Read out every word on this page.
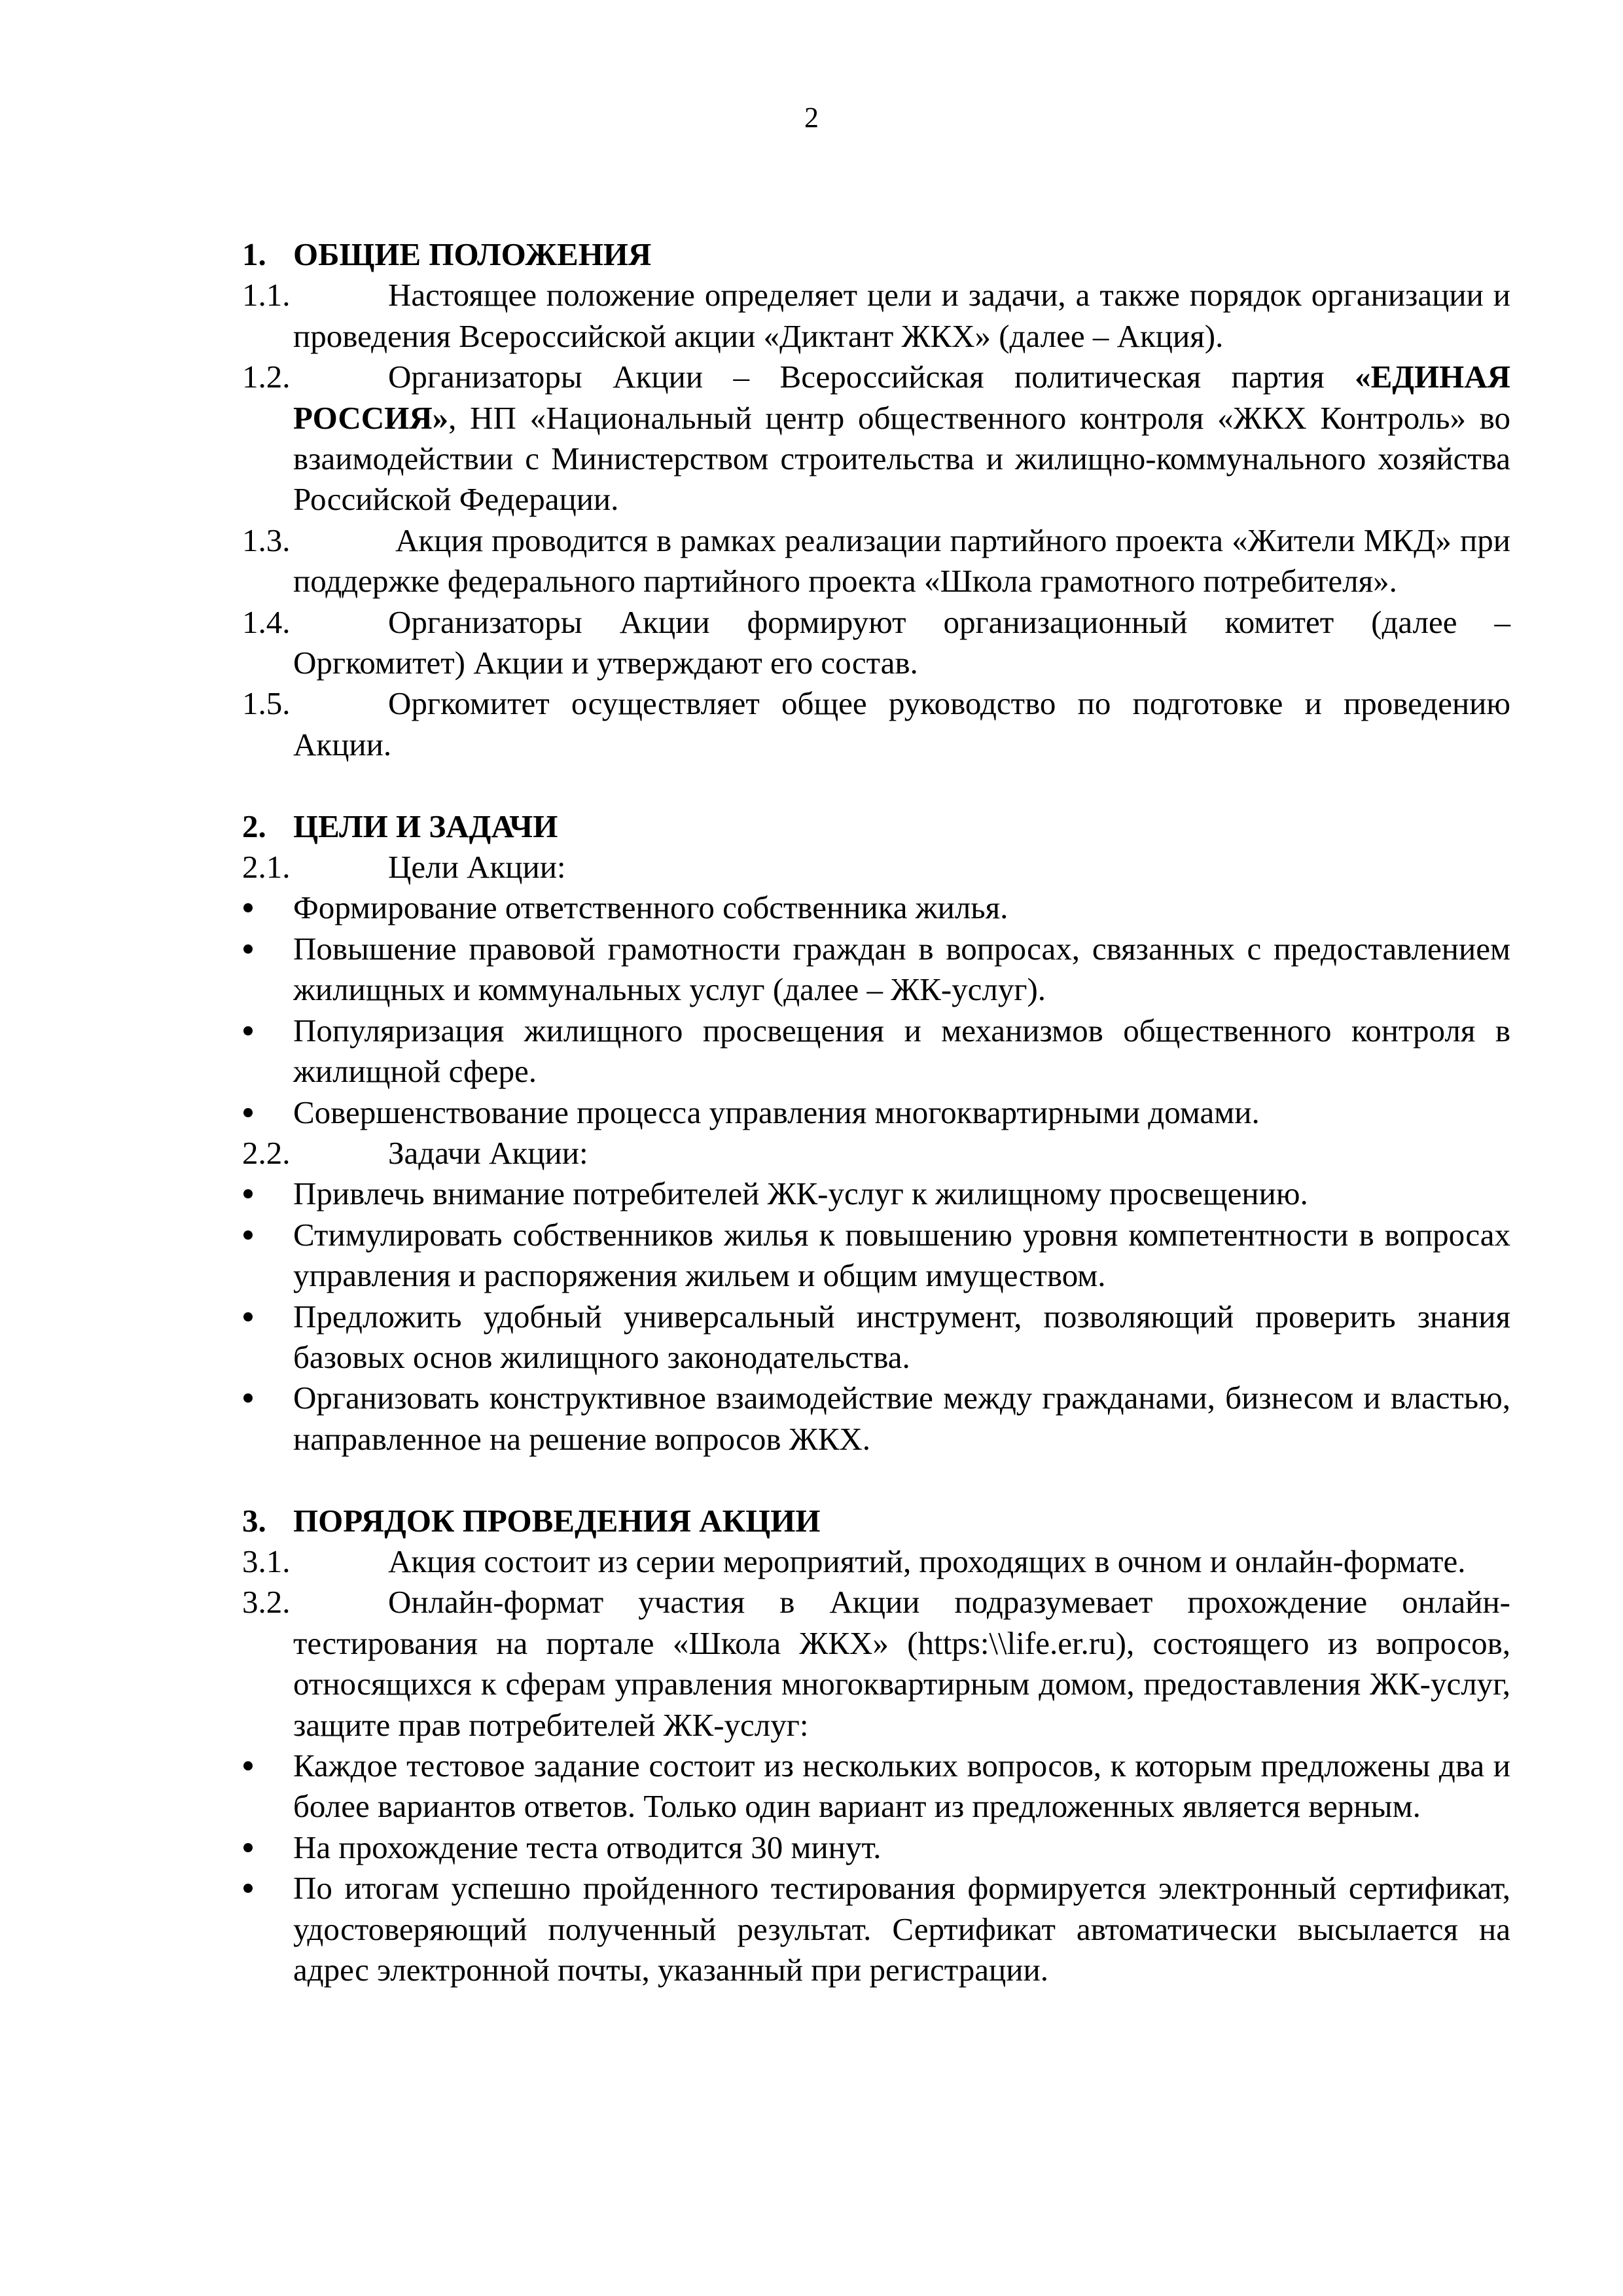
2
1. ОБЩИЕ ПОЛОЖЕНИЯ
1.1.	Настоящее положение определяет цели и задачи, а также порядок организации и проведения Всероссийской акции «Диктант ЖКХ» (далее – Акция).
1.2.	Организаторы Акции – Всероссийская политическая партия «ЕДИНАЯ РОССИЯ», НП «Национальный центр общественного контроля «ЖКХ Контроль» во взаимодействии с Министерством строительства и жилищно-коммунального хозяйства Российской Федерации.
1.3.	Акция проводится в рамках реализации партийного проекта «Жители МКД» при поддержке федерального партийного проекта «Школа грамотного потребителя».
1.4.	Организаторы Акции формируют организационный комитет (далее – Оргкомитет) Акции и утверждают его состав.
1.5.	Оргкомитет осуществляет общее руководство по подготовке и проведению Акции.
2. ЦЕЛИ И ЗАДАЧИ
2.1.	Цели Акции:
Формирование ответственного собственника жилья.
Повышение правовой грамотности граждан в вопросах, связанных с предоставлением жилищных и коммунальных услуг (далее – ЖК-услуг).
Популяризация жилищного просвещения и механизмов общественного контроля в жилищной сфере.
Совершенствование процесса управления многоквартирными домами.
2.2.	Задачи Акции:
Привлечь внимание потребителей ЖК-услуг к жилищному просвещению.
Стимулировать собственников жилья к повышению уровня компетентности в вопросах управления и распоряжения жильем и общим имуществом.
Предложить удобный универсальный инструмент, позволяющий проверить знания базовых основ жилищного законодательства.
Организовать конструктивное взаимодействие между гражданами, бизнесом и властью, направленное на решение вопросов ЖКХ.
3. ПОРЯДОК ПРОВЕДЕНИЯ АКЦИИ
3.1.	Акция состоит из серии мероприятий, проходящих в очном и онлайн-формате.
3.2.	Онлайн-формат участия в Акции подразумевает прохождение онлайн-тестирования на портале «Школа ЖКХ» (https:\\life.er.ru), состоящего из вопросов, относящихся к сферам управления многоквартирным домом, предоставления ЖК-услуг, защите прав потребителей ЖК-услуг:
Каждое тестовое задание состоит из нескольких вопросов, к которым предложены два и более вариантов ответов. Только один вариант из предложенных является верным.
На прохождение теста отводится 30 минут.
По итогам успешно пройденного тестирования формируется электронный сертификат, удостоверяющий полученный результат. Сертификат автоматически высылается на адрес электронной почты, указанный при регистрации.
